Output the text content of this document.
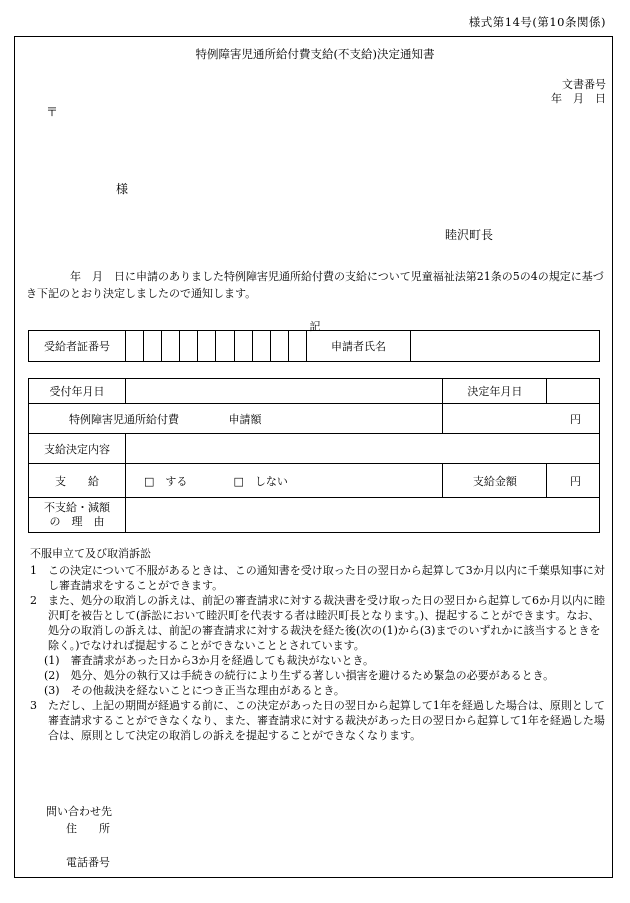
様式第14号(第10条関係)
特例障害児通所給付費支給(不支給)決定通知書
文書番号
年　月　日
〒
様
睦沢町長
年　月　日に申請のありました特例障害児通所給付費の支給について児童福祉法第21条の5の4の規定に基づき下記のとおり決定しましたので通知します。
記
受給者証番号		申請者氏名	
受付年月日		決定年月日	
特例障害児通所給付費 申請額		円	
支給決定内容			
支　　給	□　する □　しない	支給金額	円

不支給・減額
の　理　由			

不服申立て及び取消訴訟
1　この決定について不服があるときは、この通知書を受け取った日の翌日から起算して3か月以内に千葉県知事に対し審査請求をすることができます。
2　また、処分の取消しの訴えは、前記の審査請求に対する裁決書を受け取った日の翌日から起算して6か月以内に睦沢町を被告として(訴訟において睦沢町を代表する者は睦沢町長となります。)、提起することができます。なお、処分の取消しの訴えは、前記の審査請求に対する裁決を経た後(次の(1)から(3)までのいずれかに該当するときを除く。)でなければ提起することができないこととされています。
(1)　審査請求があった日から3か月を経過しても裁決がないとき。
(2)　処分、処分の執行又は手続きの続行により生ずる著しい損害を避けるため緊急の必要があるとき。
(3)　その他裁決を経ないことにつき正当な理由があるとき。
3　ただし、上記の期間が経過する前に、この決定があった日の翌日から起算して1年を経過した場合は、原則として審査請求することができなくなり、また、審査請求に対する裁決があった日の翌日から起算して1年を経過した場合は、原則として決定の取消しの訴えを提起することができなくなります。
問い合わせ先
住　　所
電話番号
